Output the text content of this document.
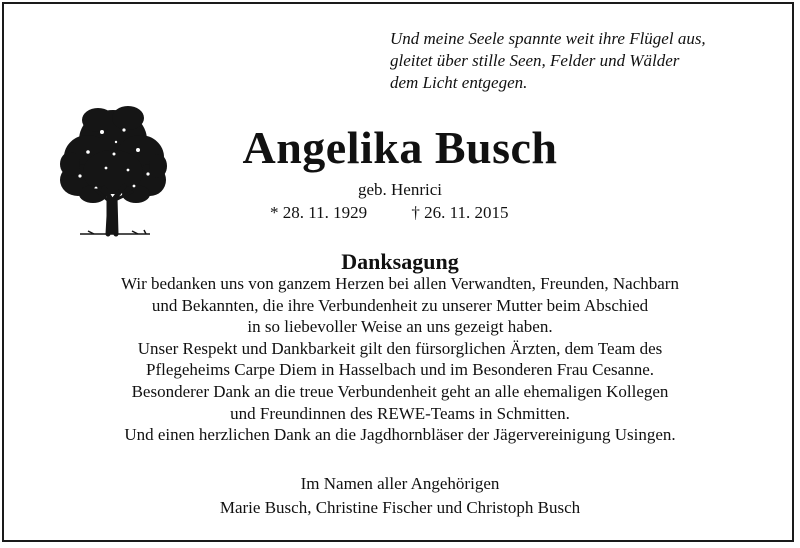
Und meine Seele spannte weit ihre Flügel aus,
gleitet über stille Seen, Felder und Wälder
dem Licht entgegen.
Angelika Busch
geb. Henrici
* 28. 11. 1929	† 26. 11. 2015
Danksagung
Wir bedanken uns von ganzem Herzen bei allen Verwandten, Freunden, Nachbarn
und Bekannten, die ihre Verbundenheit zu unserer Mutter beim Abschied
in so liebevoller Weise an uns gezeigt haben.
Unser Respekt und Dankbarkeit gilt den fürsorglichen Ärzten, dem Team des
Pflegeheims Carpe Diem in Hasselbach und im Besonderen Frau Cesanne.
Besonderer Dank an die treue Verbundenheit geht an alle ehemaligen Kollegen
und Freundinnen des REWE-Teams in Schmitten.
Und einen herzlichen Dank an die Jagdhornbläser der Jägervereinigung Usingen.
Im Namen aller Angehörigen
Marie Busch, Christine Fischer und Christoph Busch
